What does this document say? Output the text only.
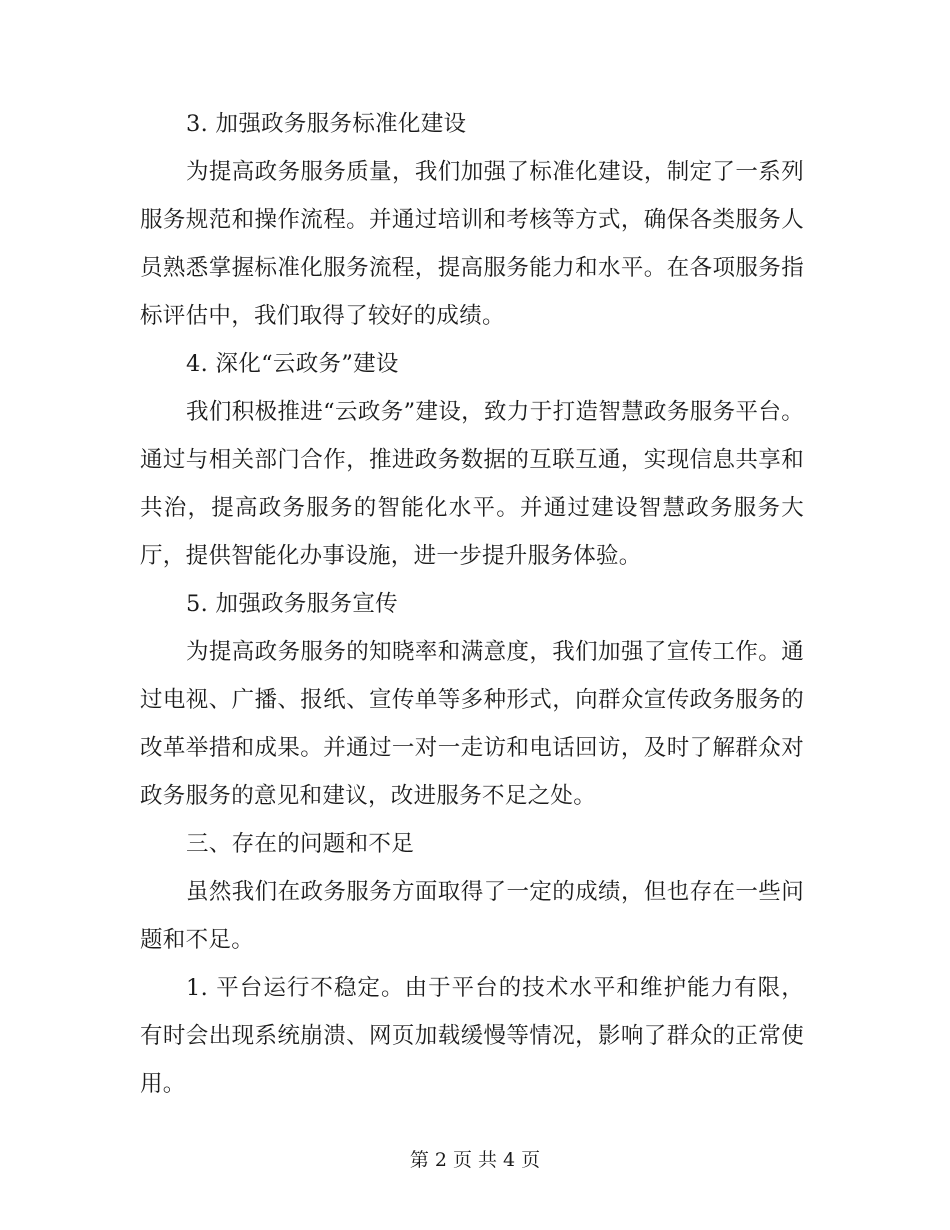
3. 加强政务服务标准化建设

为提高政务服务质量，我们加强了标准化建设，制定了一系列服务规范和操作流程。并通过培训和考核等方式，确保各类服务人员熟悉掌握标准化服务流程，提高服务能力和水平。在各项服务指标评估中，我们取得了较好的成绩。

4. 深化“云政务”建设

我们积极推进“云政务”建设，致力于打造智慧政务服务平台。通过与相关部门合作，推进政务数据的互联互通，实现信息共享和共治，提高政务服务的智能化水平。并通过建设智慧政务服务大厅，提供智能化办事设施，进一步提升服务体验。

5. 加强政务服务宣传

为提高政务服务的知晓率和满意度，我们加强了宣传工作。通过电视、广播、报纸、宣传单等多种形式，向群众宣传政务服务的改革举措和成果。并通过一对一走访和电话回访，及时了解群众对政务服务的意见和建议，改进服务不足之处。

三、存在的问题和不足

虽然我们在政务服务方面取得了一定的成绩，但也存在一些问题和不足。

1. 平台运行不稳定。由于平台的技术水平和维护能力有限，有时会出现系统崩溃、网页加载缓慢等情况，影响了群众的正常使用。

第 2 页 共 4 页
